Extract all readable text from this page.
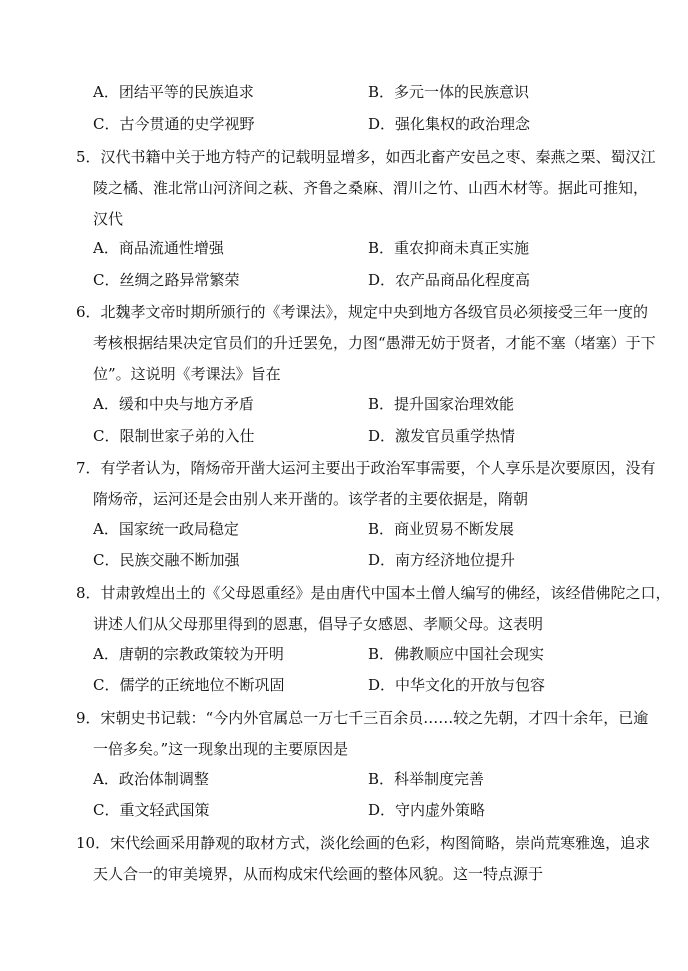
A．团结平等的民族追求	B．多元一体的民族意识
C．古今贯通的史学视野	D．强化集权的政治理念
5．汉代书籍中关于地方特产的记载明显增多，如西北畜产安邑之枣、秦燕之栗、蜀汉江
陵之橘、淮北常山河济间之萩、齐鲁之桑麻、渭川之竹、山西木材等。据此可推知，
汉代
A．商品流通性增强	B．重农抑商未真正实施
C．丝绸之路异常繁荣	D．农产品商品化程度高
6．北魏孝文帝时期所颁行的《考课法》，规定中央到地方各级官员必须接受三年一度的
考核根据结果决定官员们的升迁罢免，力图“愚滞无妨于贤者，才能不塞（堵塞）于下
位”。这说明《考课法》旨在
A．缓和中央与地方矛盾	B．提升国家治理效能
C．限制世家子弟的入仕	D．激发官员重学热情
7．有学者认为，隋炀帝开凿大运河主要出于政治军事需要，个人享乐是次要原因，没有
隋炀帝，运河还是会由别人来开凿的。该学者的主要依据是，隋朝
A．国家统一政局稳定	B．商业贸易不断发展
C．民族交融不断加强	D．南方经济地位提升
8．甘肃敦煌出土的《父母恩重经》是由唐代中国本土僧人编写的佛经，该经借佛陀之口，
讲述人们从父母那里得到的恩惠，倡导子女感恩、孝顺父母。这表明
A．唐朝的宗教政策较为开明	B．佛教顺应中国社会现实
C．儒学的正统地位不断巩固	D．中华文化的开放与包容
9．宋朝史书记载：“今内外官属总一万七千三百余员……较之先朝，才四十余年，已逾
一倍多矣。”这一现象出现的主要原因是
A．政治体制调整	B．科举制度完善
C．重文轻武国策	D．守内虚外策略
10．宋代绘画采用静观的取材方式，淡化绘画的色彩，构图简略，崇尚荒寒雅逸，追求
天人合一的审美境界，从而构成宋代绘画的整体风貌。这一特点源于
